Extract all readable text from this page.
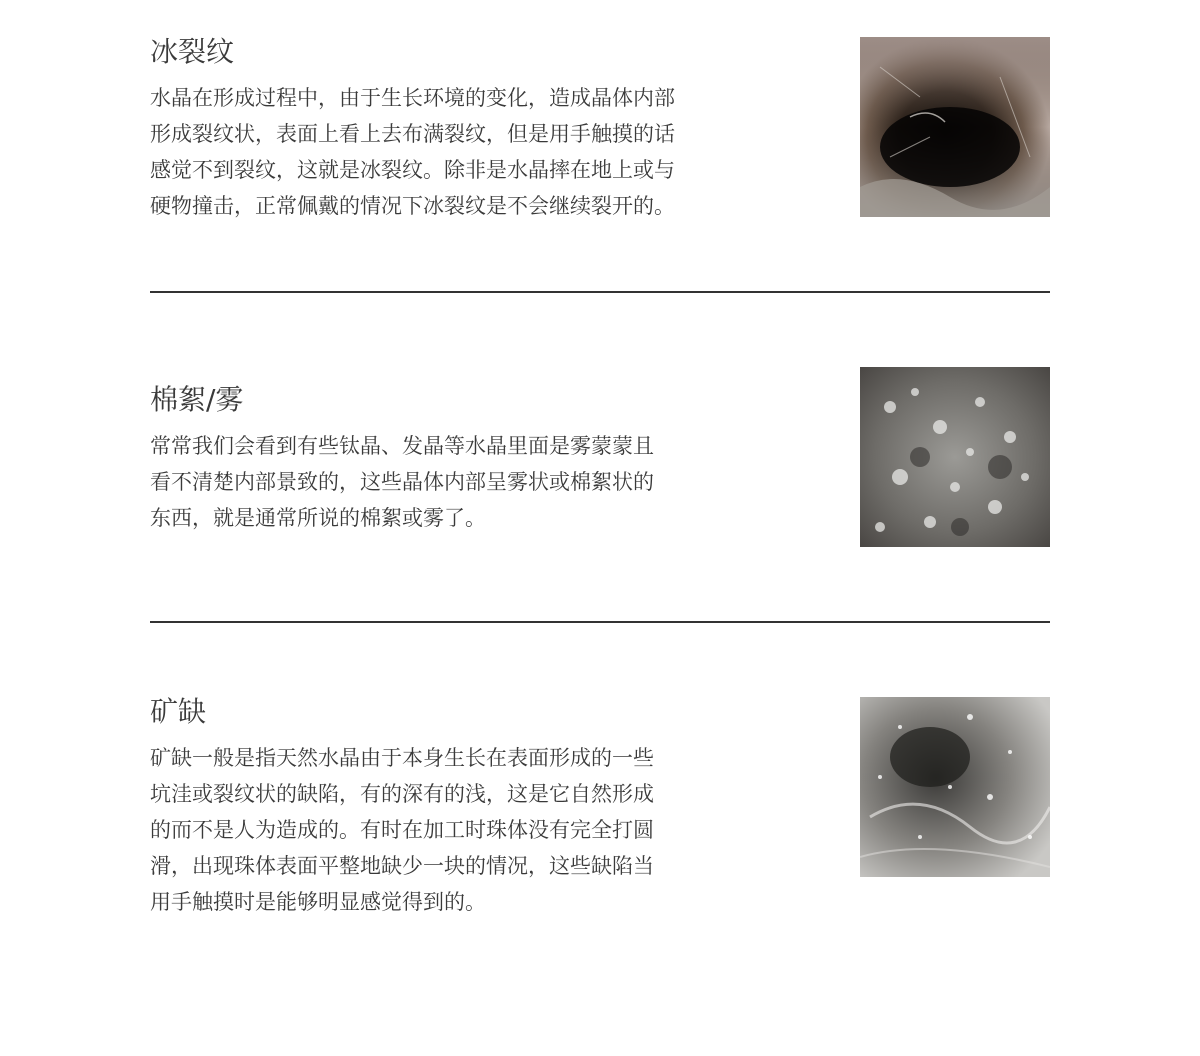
冰裂纹
水晶在形成过程中，由于生长环境的变化，造成晶体内部
形成裂纹状，表面上看上去布满裂纹，但是用手触摸的话
感觉不到裂纹，这就是冰裂纹。除非是水晶摔在地上或与
硬物撞击，正常佩戴的情况下冰裂纹是不会继续裂开的。
棉絮/雾
常常我们会看到有些钛晶、发晶等水晶里面是雾蒙蒙且
看不清楚内部景致的，这些晶体内部呈雾状或棉絮状的
东西，就是通常所说的棉絮或雾了。
矿缺
矿缺一般是指天然水晶由于本身生长在表面形成的一些
坑洼或裂纹状的缺陷，有的深有的浅，这是它自然形成
的而不是人为造成的。有时在加工时珠体没有完全打圆
滑，出现珠体表面平整地缺少一块的情况，这些缺陷当
用手触摸时是能够明显感觉得到的。
